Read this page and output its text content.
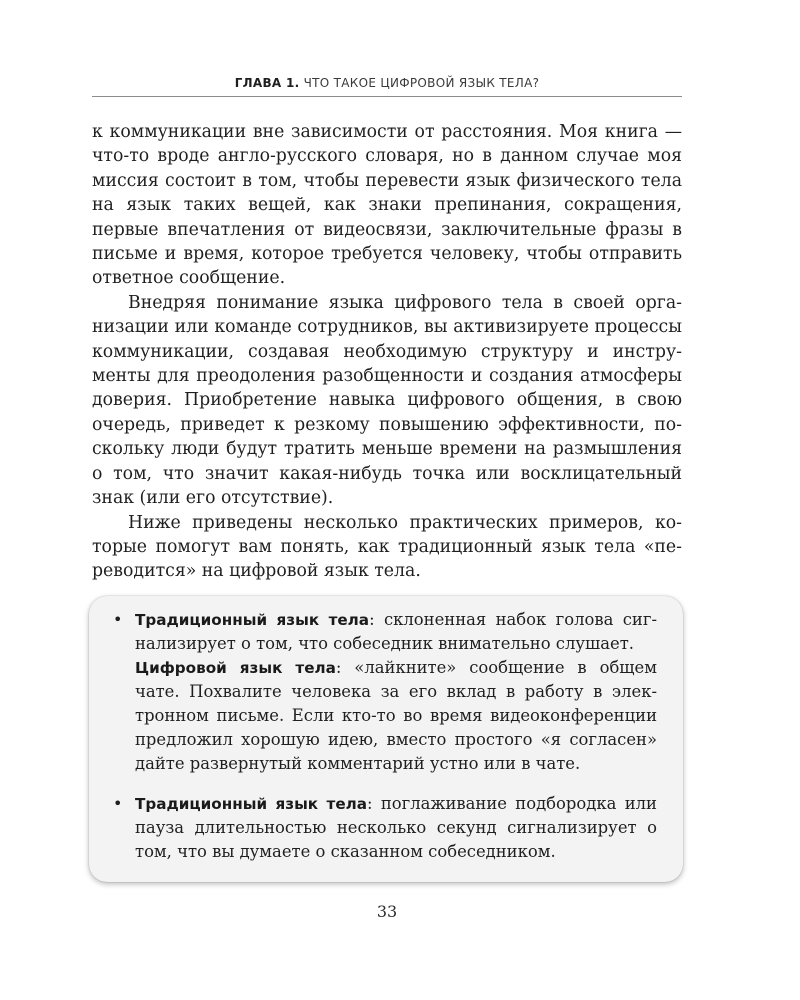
ГЛАВА 1. ЧТО ТАКОЕ ЦИФРОВОЙ ЯЗЫК ТЕЛА?

к коммуникации вне зависимости от расстояния. Моя книга — что-то вроде англо-русского словаря, но в данном случае моя миссия состоит в том, чтобы перевести язык физического тела на язык таких вещей, как знаки препинания, сокращения, первые впечатления от видеосвязи, заключительные фразы в письме и время, которое требуется человеку, чтобы отправить ответное сообщение.

Внедряя понимание языка цифрового тела в своей организации или команде сотрудников, вы активизируете процессы коммуникации, создавая необходимую структуру и инструменты для преодоления разобщенности и создания атмосферы доверия. Приобретение навыка цифрового общения, в свою очередь, приведет к резкому повышению эффективности, поскольку люди будут тратить меньше времени на размышления о том, что значит какая-нибудь точка или восклицательный знак (или его отсутствие).

Ниже приведены несколько практических примеров, которые помогут вам понять, как традиционный язык тела «переводится» на цифровой язык тела.

• Традиционный язык тела: склоненная набок голова сигнализирует о том, что собеседник внимательно слушает.
Цифровой язык тела: «лайкните» сообщение в общем чате. Похвалите человека за его вклад в работу в электронном письме. Если кто-то во время видеоконференции предложил хорошую идею, вместо простого «я согласен» дайте развернутый комментарий устно или в чате.
• Традиционный язык тела: поглаживание подбородка или пауза длительностью несколько секунд сигнализирует о том, что вы думаете о сказанном собеседником.
33
